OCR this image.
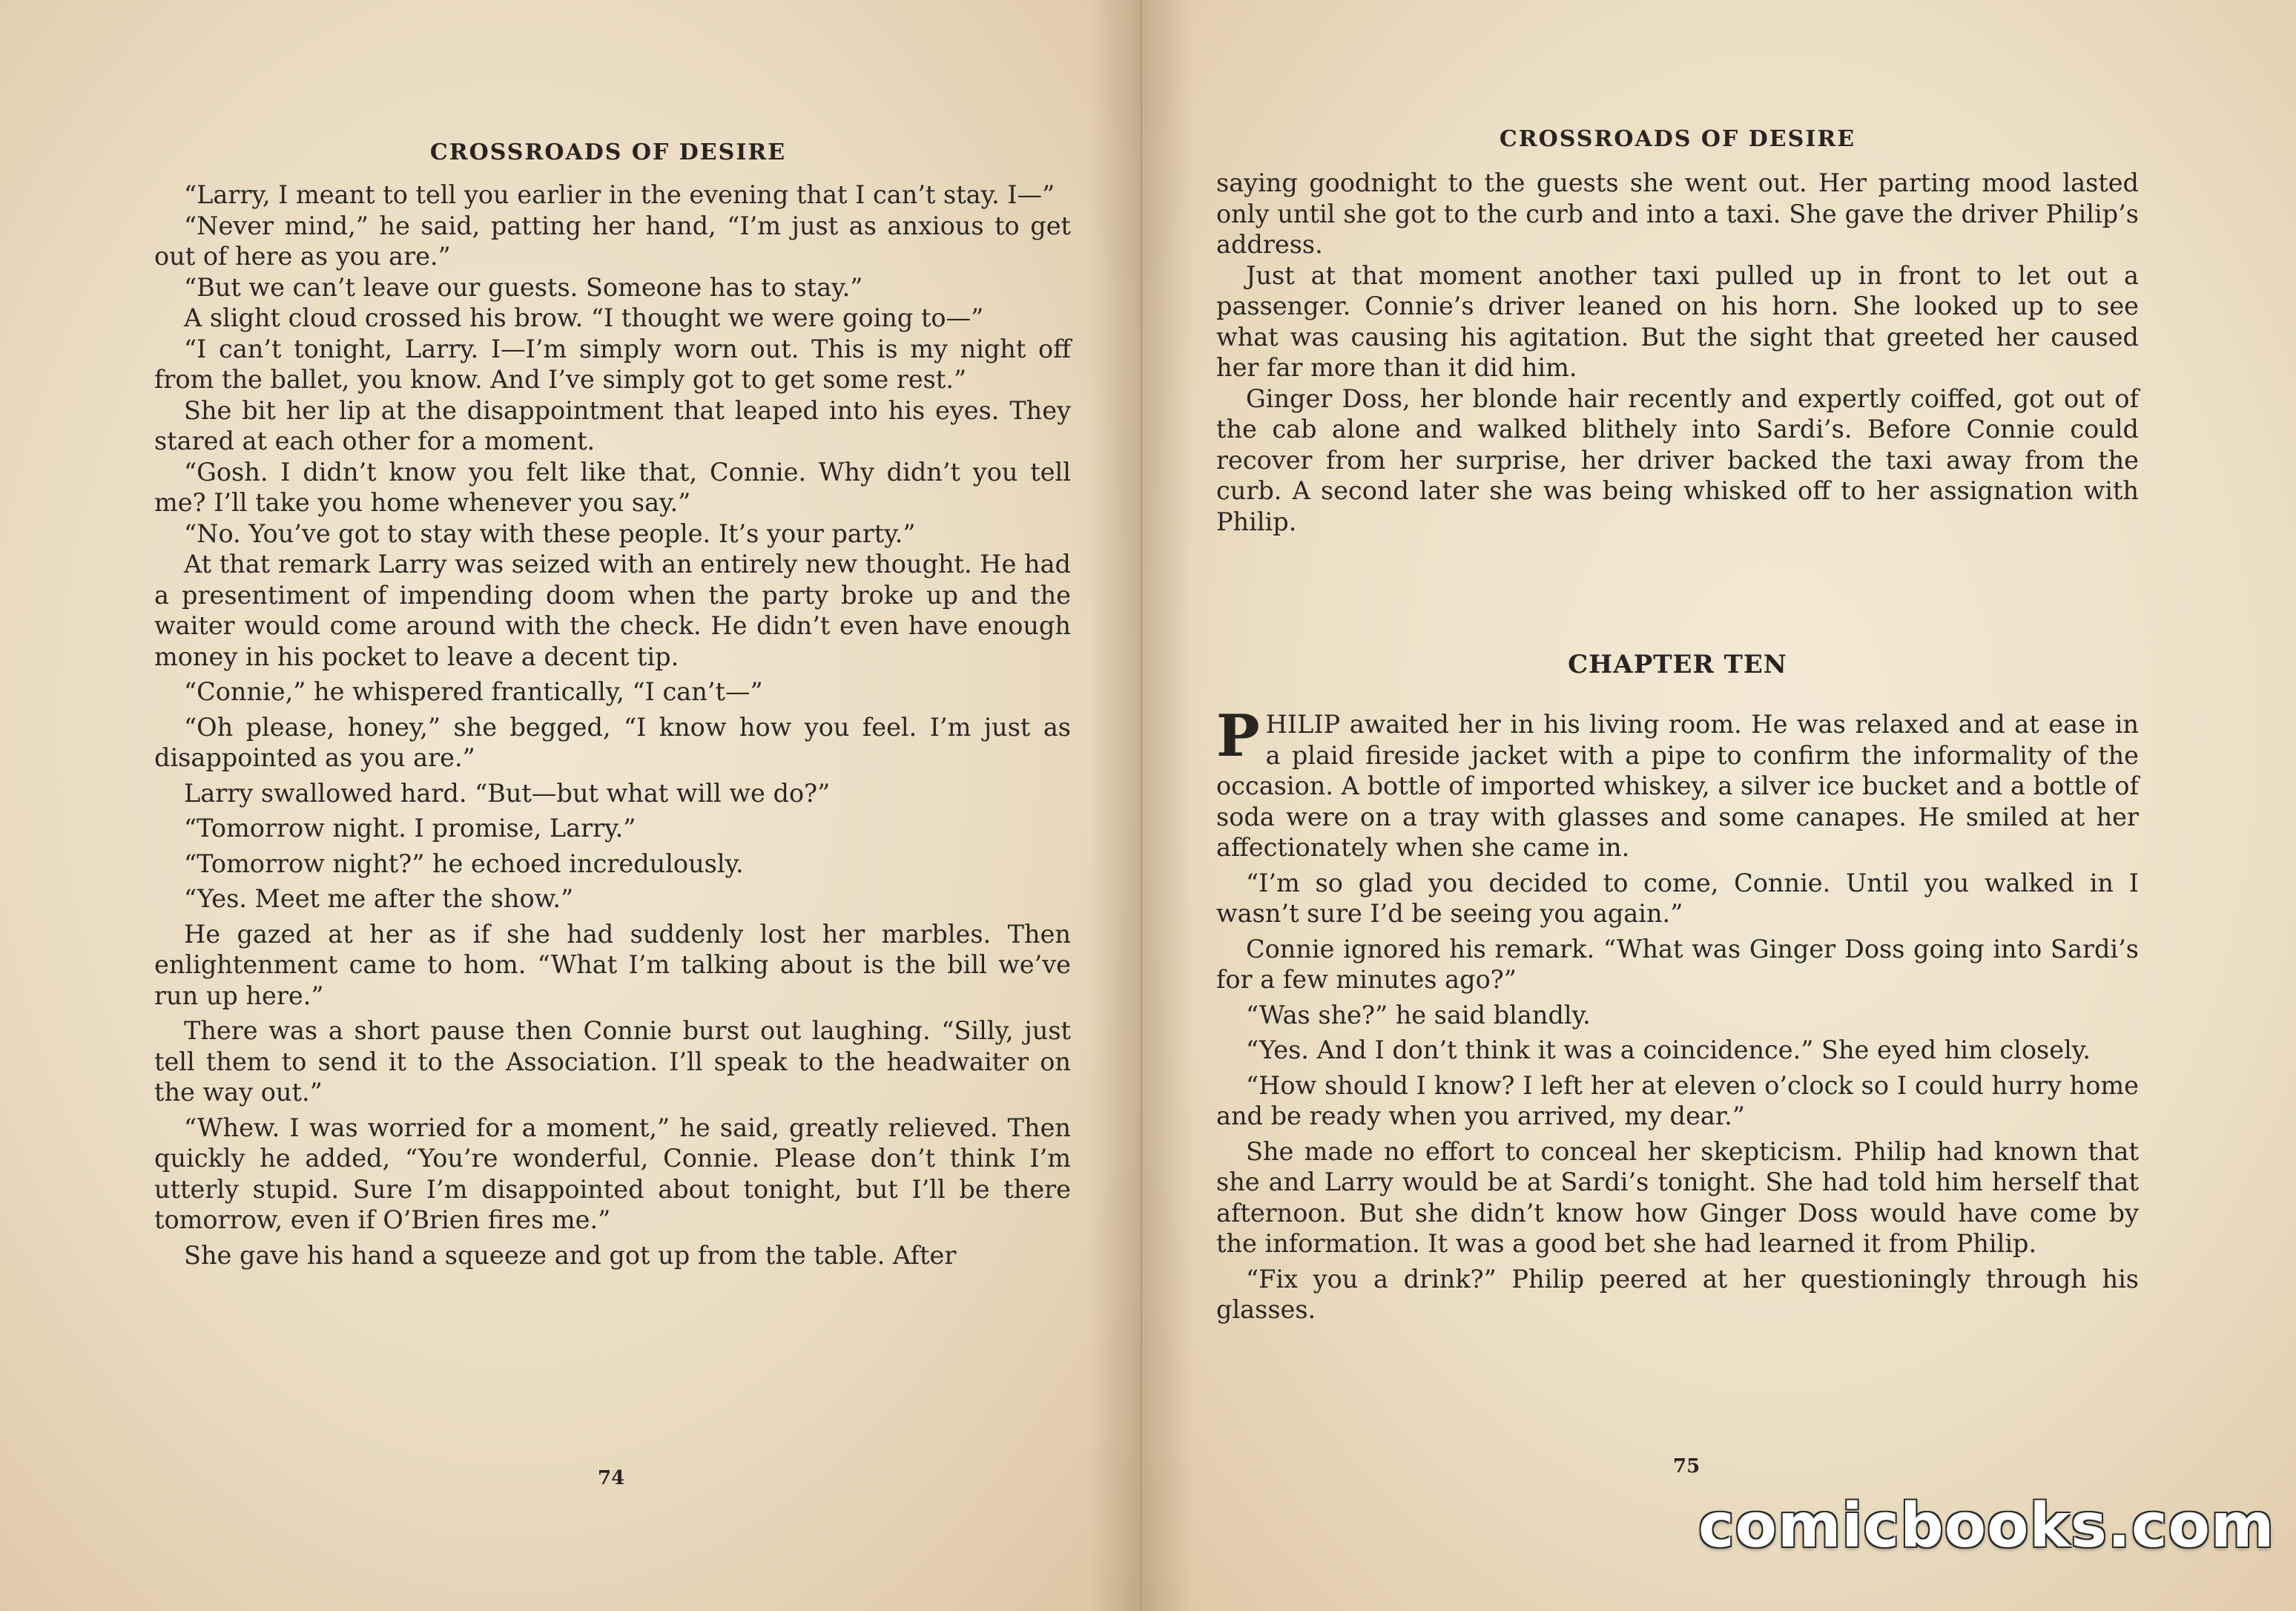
CROSSROADS OF DESIRE

“Larry, I meant to tell you earlier in the evening that I can’t stay. I—”

“Never mind,” he said, patting her hand, “I’m just as anxious to get out of here as you are.”

“But we can’t leave our guests. Someone has to stay.”

A slight cloud crossed his brow. “I thought we were going to—”

“I can’t tonight, Larry. I—I’m simply worn out. This is my night off from the ballet, you know. And I’ve simply got to get some rest.”

She bit her lip at the disappointment that leaped into his eyes. They stared at each other for a moment.

“Gosh. I didn’t know you felt like that, Connie. Why didn’t you tell me? I’ll take you home whenever you say.”

“No. You’ve got to stay with these people. It’s your party.”

At that remark Larry was seized with an entirely new thought. He had a presentiment of impending doom when the party broke up and the waiter would come around with the check. He didn’t even have enough money in his pocket to leave a decent tip.

“Connie,” he whispered frantically, “I can’t—”

“Oh please, honey,” she begged, “I know how you feel. I’m just as disappointed as you are.”

Larry swallowed hard. “But—but what will we do?”

“Tomorrow night. I promise, Larry.”

“Tomorrow night?” he echoed incredulously.

“Yes. Meet me after the show.”

He gazed at her as if she had suddenly lost her marbles. Then enlightenment came to hom. “What I’m talking about is the bill we’ve run up here.”

There was a short pause then Connie burst out laughing. “Silly, just tell them to send it to the Association. I’ll speak to the headwaiter on the way out.”

“Whew. I was worried for a moment,” he said, greatly relieved. Then quickly he added, “You’re wonderful, Connie. Please don’t think I’m utterly stupid. Sure I’m disappointed about tonight, but I’ll be there tomorrow, even if O’Brien fires me.”

She gave his hand a squeeze and got up from the table. After

74
CROSSROADS OF DESIRE

saying goodnight to the guests she went out. Her parting mood lasted only until she got to the curb and into a taxi. She gave the driver Philip’s address.

Just at that moment another taxi pulled up in front to let out a passenger. Connie’s driver leaned on his horn. She looked up to see what was causing his agitation. But the sight that greeted her caused her far more than it did him.

Ginger Doss, her blonde hair recently and expertly coiffed, got out of the cab alone and walked blithely into Sardi’s. Before Connie could recover from her surprise, her driver backed the taxi away from the curb. A second later she was being whisked off to her assignation with Philip.

CHAPTER TEN

PHILIP awaited her in his living room. He was relaxed and at ease in a plaid fireside jacket with a pipe to confirm the informality of the occasion. A bottle of imported whiskey, a silver ice bucket and a bottle of soda were on a tray with glasses and some canapes. He smiled at her affectionately when she came in.

“I’m so glad you decided to come, Connie. Until you walked in I wasn’t sure I’d be seeing you again.”

Connie ignored his remark. “What was Ginger Doss going into Sardi’s for a few minutes ago?”

“Was she?” he said blandly.

“Yes. And I don’t think it was a coincidence.” She eyed him closely.

“How should I know? I left her at eleven o’clock so I could hurry home and be ready when you arrived, my dear.”

She made no effort to conceal her skepticism. Philip had known that she and Larry would be at Sardi’s tonight. She had told him herself that afternoon. But she didn’t know how Ginger Doss would have come by the information. It was a good bet she had learned it from Philip.

“Fix you a drink?” Philip peered at her questioningly through his glasses.

75
comicbooks.com
